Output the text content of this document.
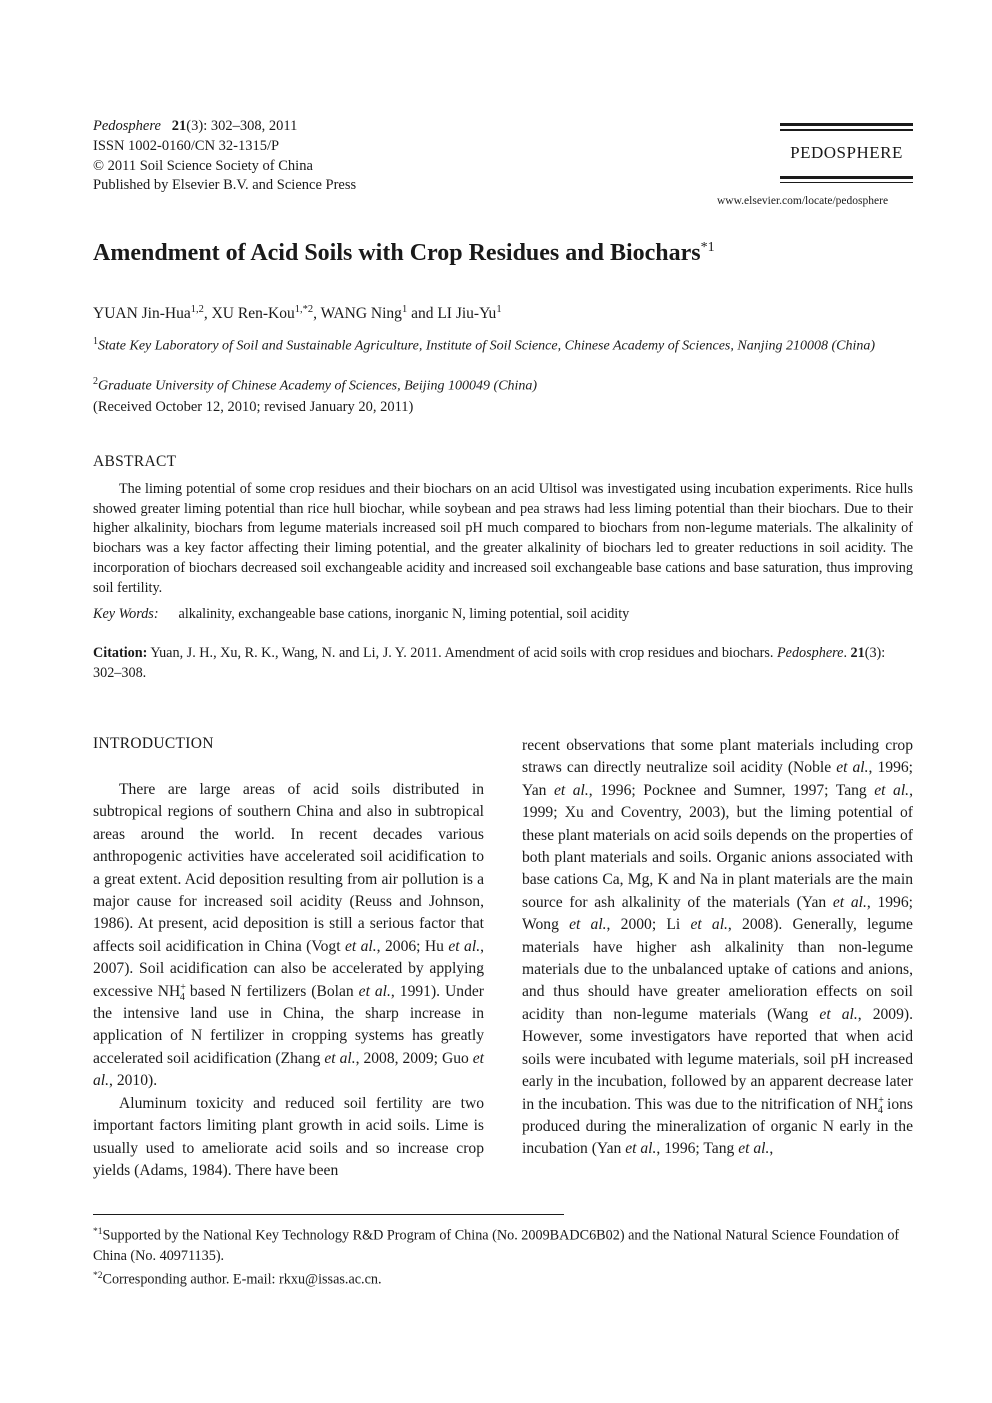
Pedosphere 21(3): 302–308, 2011
ISSN 1002-0160/CN 32-1315/P
© 2011 Soil Science Society of China
Published by Elsevier B.V. and Science Press
PEDOSPHERE
www.elsevier.com/locate/pedosphere
Amendment of Acid Soils with Crop Residues and Biochars$^{*1}$
YUAN Jin-Hua$^{1,2}$, XU Ren-Kou$^{1,*2}$, WANG Ning$^1$ and LI Jiu-Yu$^1$
$^1$State Key Laboratory of Soil and Sustainable Agriculture, Institute of Soil Science, Chinese Academy of Sciences, Nanjing 210008 (China)
$^2$Graduate University of Chinese Academy of Sciences, Beijing 100049 (China)
(Received October 12, 2010; revised January 20, 2011)
ABSTRACT
The liming potential of some crop residues and their biochars on an acid Ultisol was investigated using incubation experiments. Rice hulls showed greater liming potential than rice hull biochar, while soybean and pea straws had less liming potential than their biochars. Due to their higher alkalinity, biochars from legume materials increased soil pH much compared to biochars from non-legume materials. The alkalinity of biochars was a key factor affecting their liming potential, and the greater alkalinity of biochars led to greater reductions in soil acidity. The incorporation of biochars decreased soil exchangeable acidity and increased soil exchangeable base cations and base saturation, thus improving soil fertility.
Key Words: alkalinity, exchangeable base cations, inorganic N, liming potential, soil acidity
Citation: Yuan, J. H., Xu, R. K., Wang, N. and Li, J. Y. 2011. Amendment of acid soils with crop residues and biochars. Pedosphere. 21(3): 302–308.
INTRODUCTION

There are large areas of acid soils distributed in subtropical regions of southern China and also in subtropical areas around the world. In recent decades various anthropogenic activities have accelerated soil acidification to a great extent. Acid deposition resulting from air pollution is a major cause for increased soil acidity (Reuss and Johnson, 1986). At present, acid deposition is still a serious factor that affects soil acidification in China (Vogt et al., 2006; Hu et al., 2007). Soil acidification can also be accelerated by applying excessive $NH^+_4$ based N fertilizers (Bolan et al., 1991). Under the intensive land use in China, the sharp increase in application of N fertilizer in cropping systems has greatly accelerated soil acidification (Zhang et al., 2008, 2009; Guo et al., 2010).

Aluminum toxicity and reduced soil fertility are two important factors limiting plant growth in acid soils. Lime is usually used to ameliorate acid soils and so increase crop yields (Adams, 1984). There have been

recent observations that some plant materials including crop straws can directly neutralize soil acidity (Noble et al., 1996; Yan et al., 1996; Pocknee and Sumner, 1997; Tang et al., 1999; Xu and Coventry, 2003), but the liming potential of these plant materials on acid soils depends on the properties of both plant materials and soils. Organic anions associated with base cations Ca, Mg, K and Na in plant materials are the main source for ash alkalinity of the materials (Yan et al., 1996; Wong et al., 2000; Li et al., 2008). Generally, legume materials have higher ash alkalinity than non-legume materials due to the unbalanced uptake of cations and anions, and thus should have greater amelioration effects on soil acidity than non-legume materials (Wang et al., 2009). However, some investigators have reported that when acid soils were incubated with legume materials, soil pH increased early in the incubation, followed by an apparent decrease later in the incubation. This was due to the nitrification of $NH^+_4$ ions produced during the mineralization of organic N early in the incubation (Yan et al., 1996; Tang et al.,

$^{*1}$Supported by the National Key Technology R&D Program of China (No. 2009BADC6B02) and the National Natural Science Foundation of China (No. 40971135).
$^{*2}$Corresponding author. E-mail: rkxu@issas.ac.cn.
